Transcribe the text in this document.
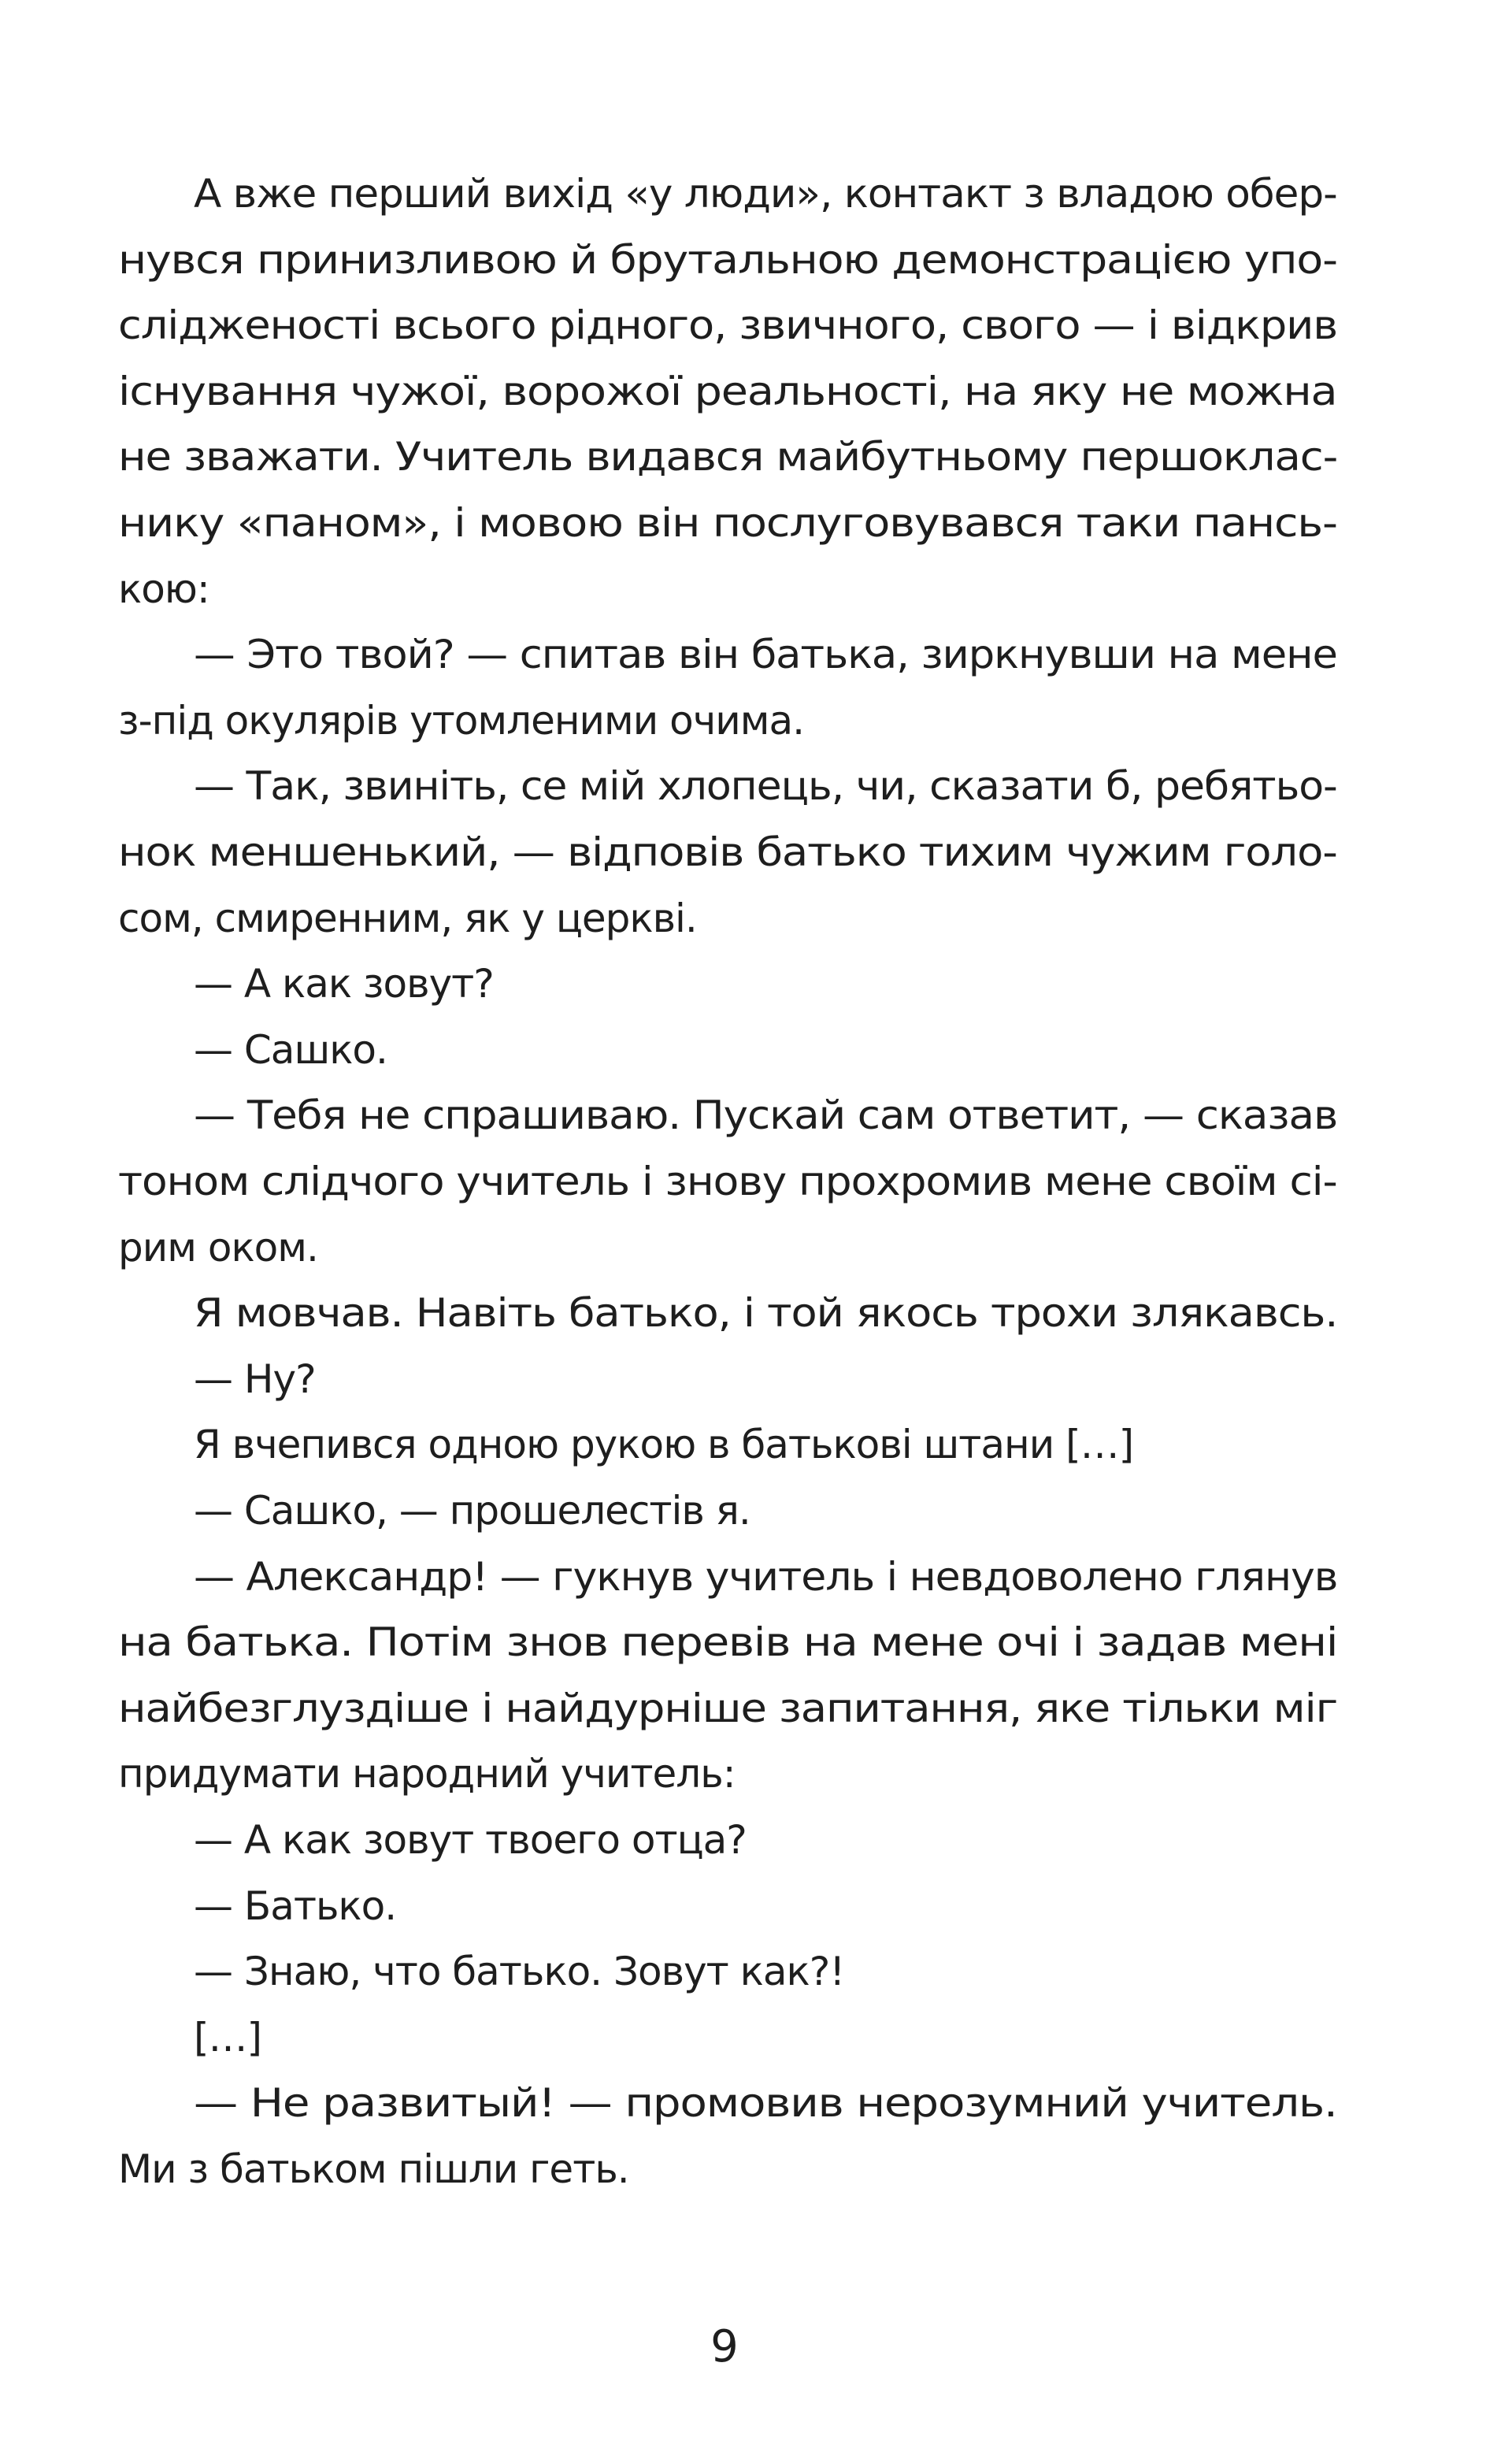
А вже перший вихід «у люди», контакт з владою обер-
нувся принизливою й брутальною демонстрацією упо-
слідженості всього рідного, звичного, свого — і відкрив
існування чужої, ворожої реальності, на яку не можна
не зважати. Учитель видався майбутньому першоклас-
нику «паном», і мовою він послуговувався таки пансь-
кою:
— Это твой? — спитав він батька, зиркнувши на мене
з-під окулярів утомленими очима.
— Так, звиніть, се мій хлопець, чи, сказати б, ребятьо-
нок меншенький, — відповів батько тихим чужим голо-
сом, смиренним, як у церкві.
— А как зовут?
— Сашко.
— Тебя не спрашиваю. Пускай сам ответит, — сказав
тоном слідчого учитель і знову прохромив мене своїм сі-
рим оком.
Я мовчав. Навіть батько, і той якось трохи злякавсь.
— Ну?
Я вчепився одною рукою в батькові штани […]
— Сашко, — прошелестів я.
— Александр! — гукнув учитель і невдоволено глянув
на батька. Потім знов перевів на мене очі і задав мені
найбезглуздіше і найдурніше запитання, яке тільки міг
придумати народний учитель:
— А как зовут твоего отца?
— Батько.
— Знаю, что батько. Зовут как?!
[…]
— Не развитый! — промовив нерозумний учитель.
Ми з батьком пішли геть.
9
